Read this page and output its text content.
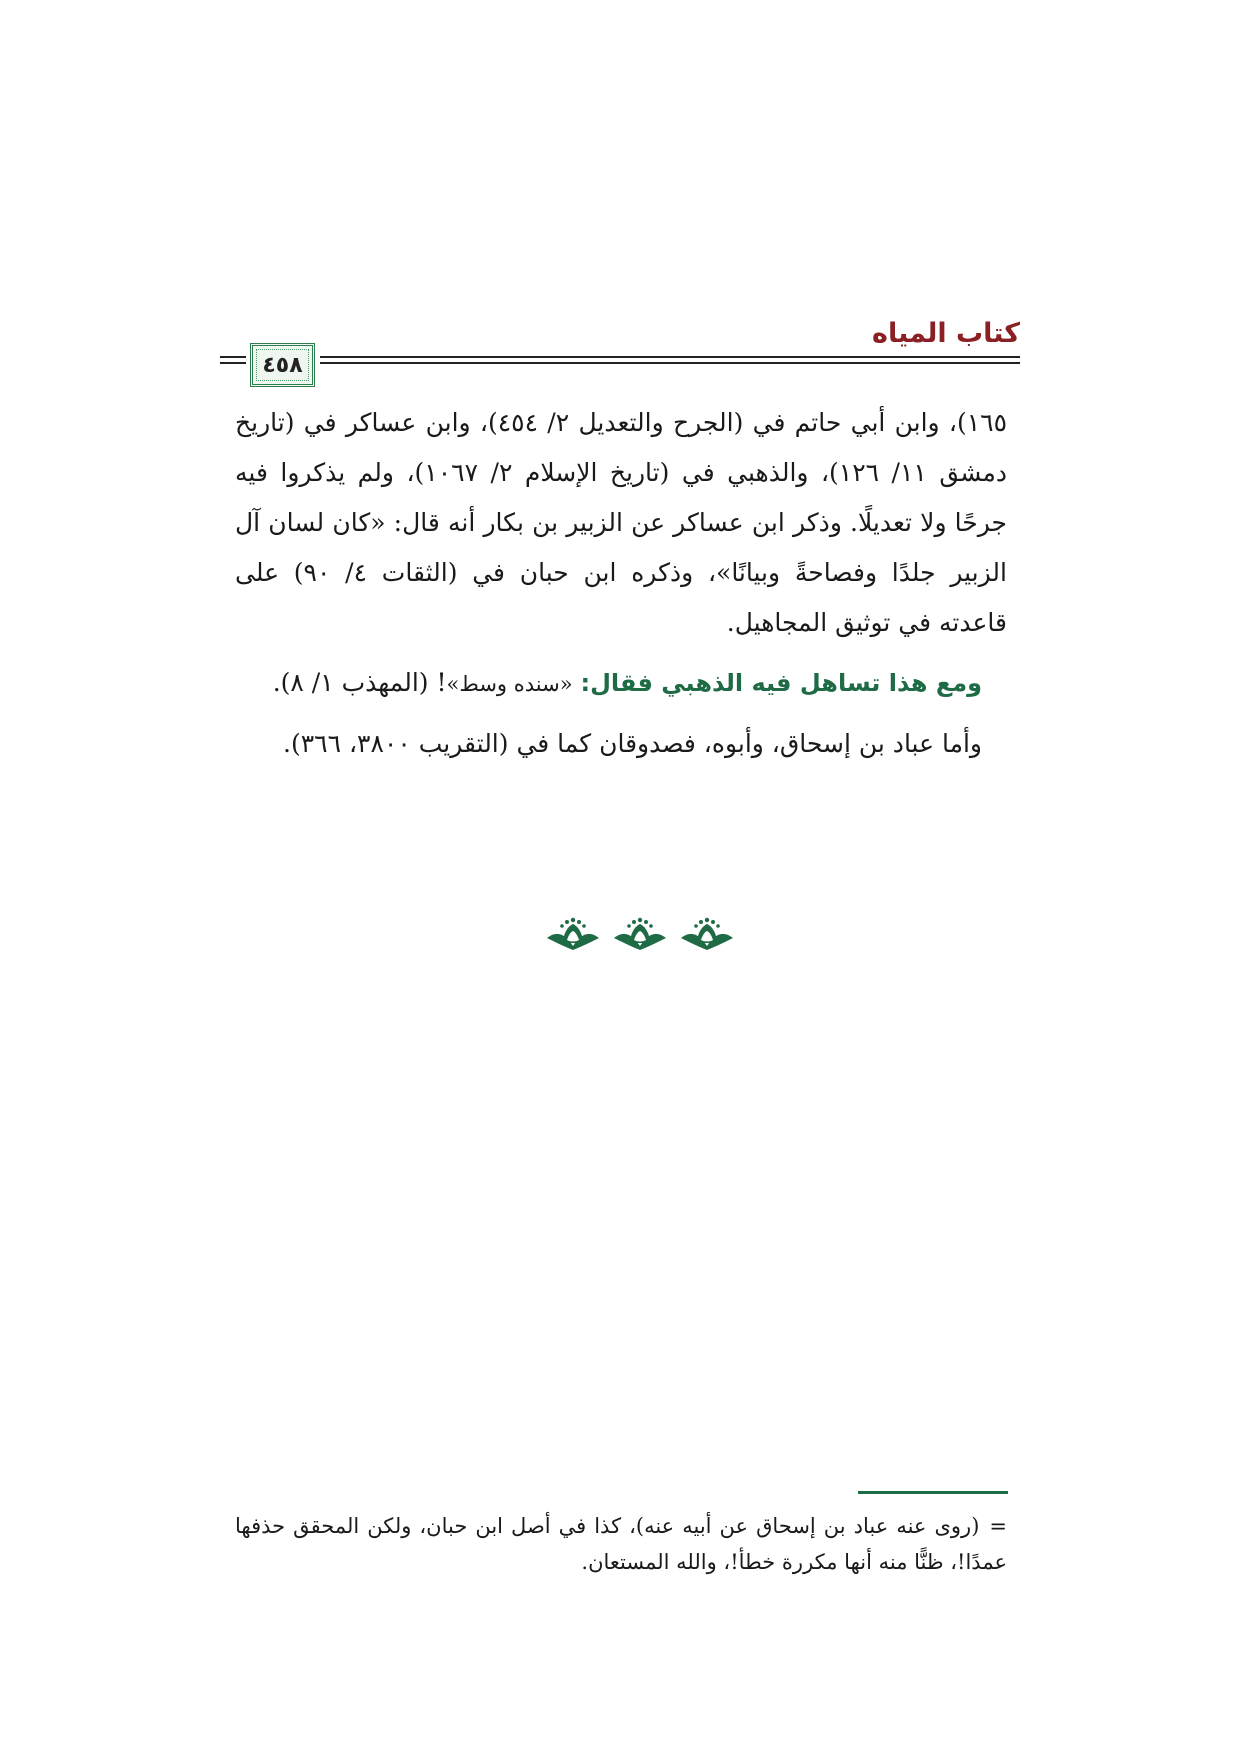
كتاب المياه
٤٥٨

١٦٥)، وابن أبي حاتم في (الجرح والتعديل ٢/ ٤٥٤)، وابن عساكر في (تاريخ دمشق ١١/ ١٢٦)، والذهبي في (تاريخ الإسلام ٢/ ١٠٦٧)، ولم يذكروا فيه جرحًا ولا تعديلًا. وذكر ابن عساكر عن الزبير بن بكار أنه قال: «كان لسان آل الزبير جلدًا وفصاحةً وبيانًا»، وذكره ابن حبان في (الثقات ٤/ ٩٠) على قاعدته في توثيق المجاهيل.

 ومع هذا تساهل فيه الذهبي فقال: «سنده وسط»! (المهذب ١/ ٨).

 وأما عباد بن إسحاق، وأبوه، فصدوقان كما في (التقريب ٣٨٠٠، ٣٦٦).

=(روى عنه عباد بن إسحاق عن أبيه عنه)، كذا في أصل ابن حبان، ولكن المحقق حذفها عمدًا!، ظنًّا منه أنها مكررة خطأ!، والله المستعان.
